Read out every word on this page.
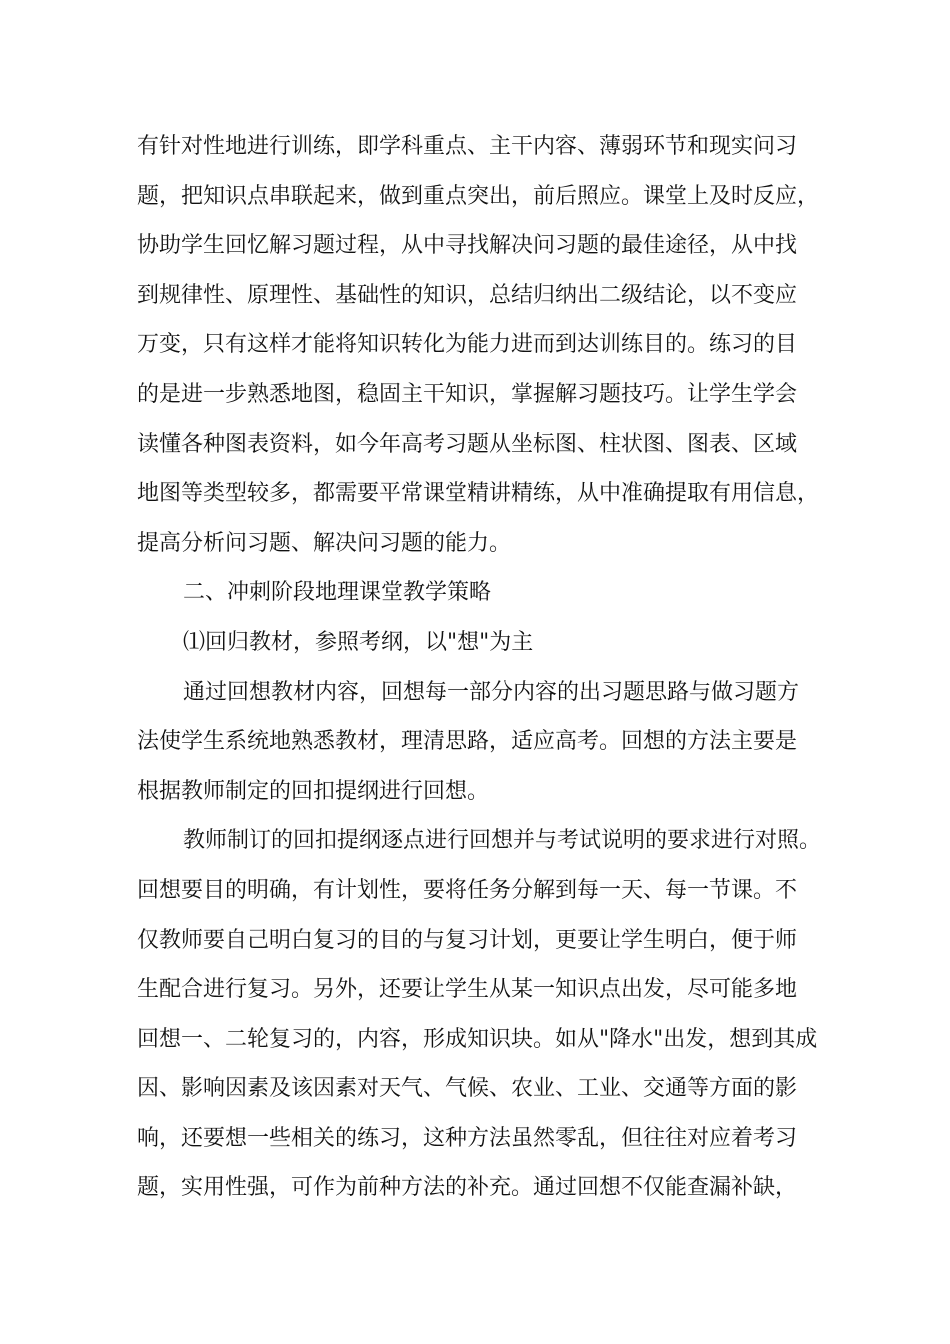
有针对性地进行训练，即学科重点、主干内容、薄弱环节和现实问习
题，把知识点串联起来，做到重点突出，前后照应。课堂上及时反应，
协助学生回忆解习题过程，从中寻找解决问习题的最佳途径，从中找
到规律性、原理性、基础性的知识，总结归纳出二级结论，以不变应
万变，只有这样才能将知识转化为能力进而到达训练目的。练习的目
的是进一步熟悉地图，稳固主干知识，掌握解习题技巧。让学生学会
读懂各种图表资料，如今年高考习题从坐标图、柱状图、图表、区域
地图等类型较多，都需要平常课堂精讲精练，从中准确提取有用信息，
提高分析问习题、解决问习题的能力。
二、冲刺阶段地理课堂教学策略
⑴回归教材，参照考纲，以"想"为主
通过回想教材内容，回想每一部分内容的出习题思路与做习题方
法使学生系统地熟悉教材，理清思路，适应高考。回想的方法主要是
根据教师制定的回扣提纲进行回想。
教师制订的回扣提纲逐点进行回想并与考试说明的要求进行对照。
回想要目的明确，有计划性，要将任务分解到每一天、每一节课。不
仅教师要自己明白复习的目的与复习计划，更要让学生明白，便于师
生配合进行复习。另外，还要让学生从某一知识点出发，尽可能多地
回想一、二轮复习的，内容，形成知识块。如从"降水"出发，想到其成
因、影响因素及该因素对天气、气候、农业、工业、交通等方面的影
响，还要想一些相关的练习，这种方法虽然零乱，但往往对应着考习
题，实用性强，可作为前种方法的补充。通过回想不仅能查漏补缺，
